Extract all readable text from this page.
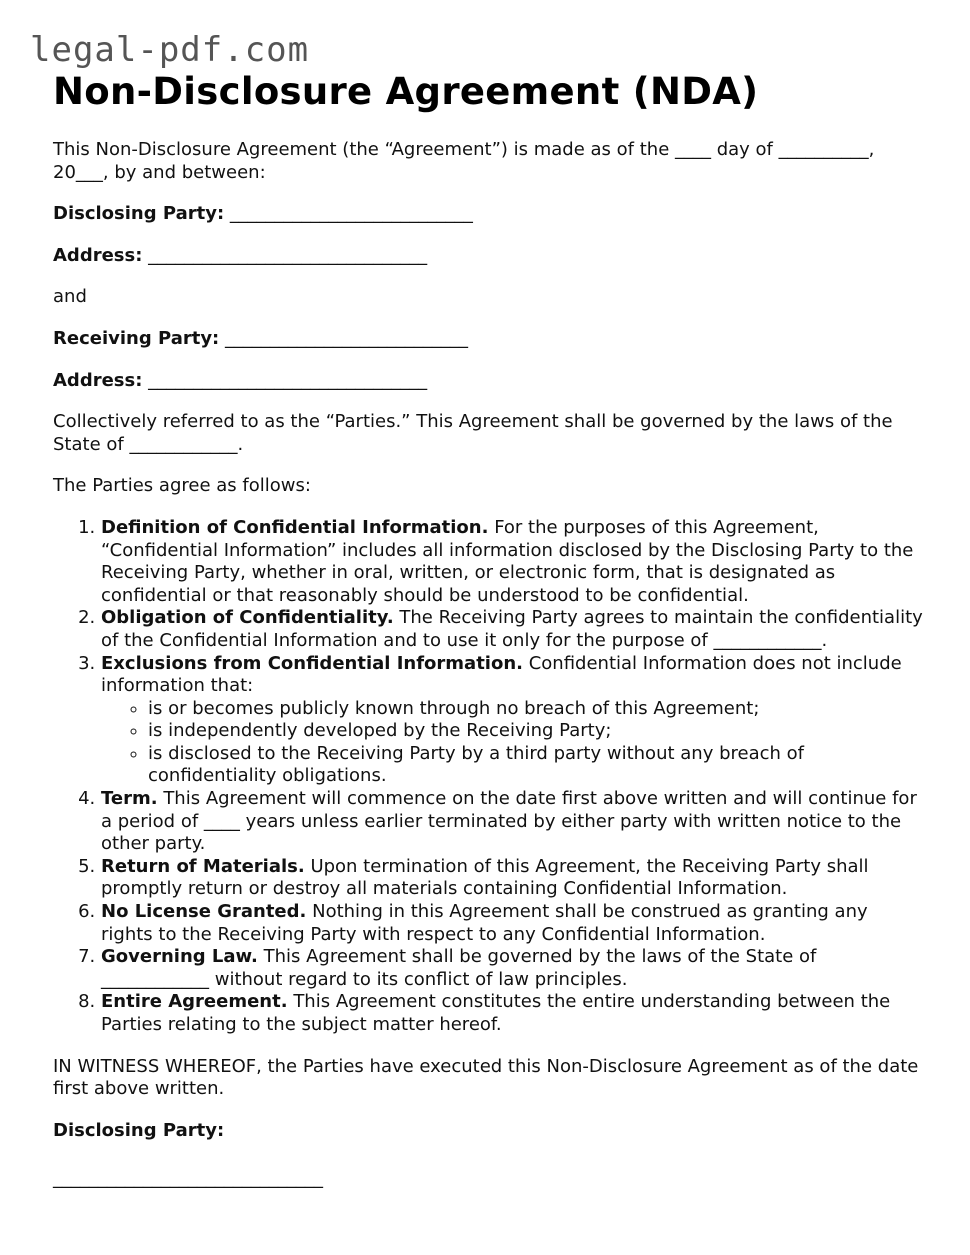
legal-pdf.com
Non-Disclosure Agreement (NDA)

This Non-Disclosure Agreement (the “Agreement”) is made as of the ____ day of __________, 20___, by and between:

Disclosing Party: ___________________________

Address: _______________________________

and

Receiving Party: ___________________________

Address: _______________________________

Collectively referred to as the “Parties.” This Agreement shall be governed by the laws of the State of ____________.

The Parties agree as follows:

1. Definition of Confidential Information. For the purposes of this Agreement, “Confidential Information” includes all information disclosed by the Disclosing Party to the Receiving Party, whether in oral, written, or electronic form, that is designated as confidential or that reasonably should be understood to be confidential.
2. Obligation of Confidentiality. The Receiving Party agrees to maintain the confidentiality of the Confidential Information and to use it only for the purpose of ____________.
3. Exclusions from Confidential Information. Confidential Information does not include information that:
◦ is or becomes publicly known through no breach of this Agreement;
◦ is independently developed by the Receiving Party;
◦ is disclosed to the Receiving Party by a third party without any breach of confidentiality obligations.
4. Term. This Agreement will commence on the date first above written and will continue for a period of ____ years unless earlier terminated by either party with written notice to the other party.
5. Return of Materials. Upon termination of this Agreement, the Receiving Party shall promptly return or destroy all materials containing Confidential Information.
6. No License Granted. Nothing in this Agreement shall be construed as granting any rights to the Receiving Party with respect to any Confidential Information.
7. Governing Law. This Agreement shall be governed by the laws of the State of ____________ without regard to its conflict of law principles.
8. Entire Agreement. This Agreement constitutes the entire understanding between the Parties relating to the subject matter hereof.

IN WITNESS WHEREOF, the Parties have executed this Non-Disclosure Agreement as of the date first above written.

Disclosing Party:

______________________________
